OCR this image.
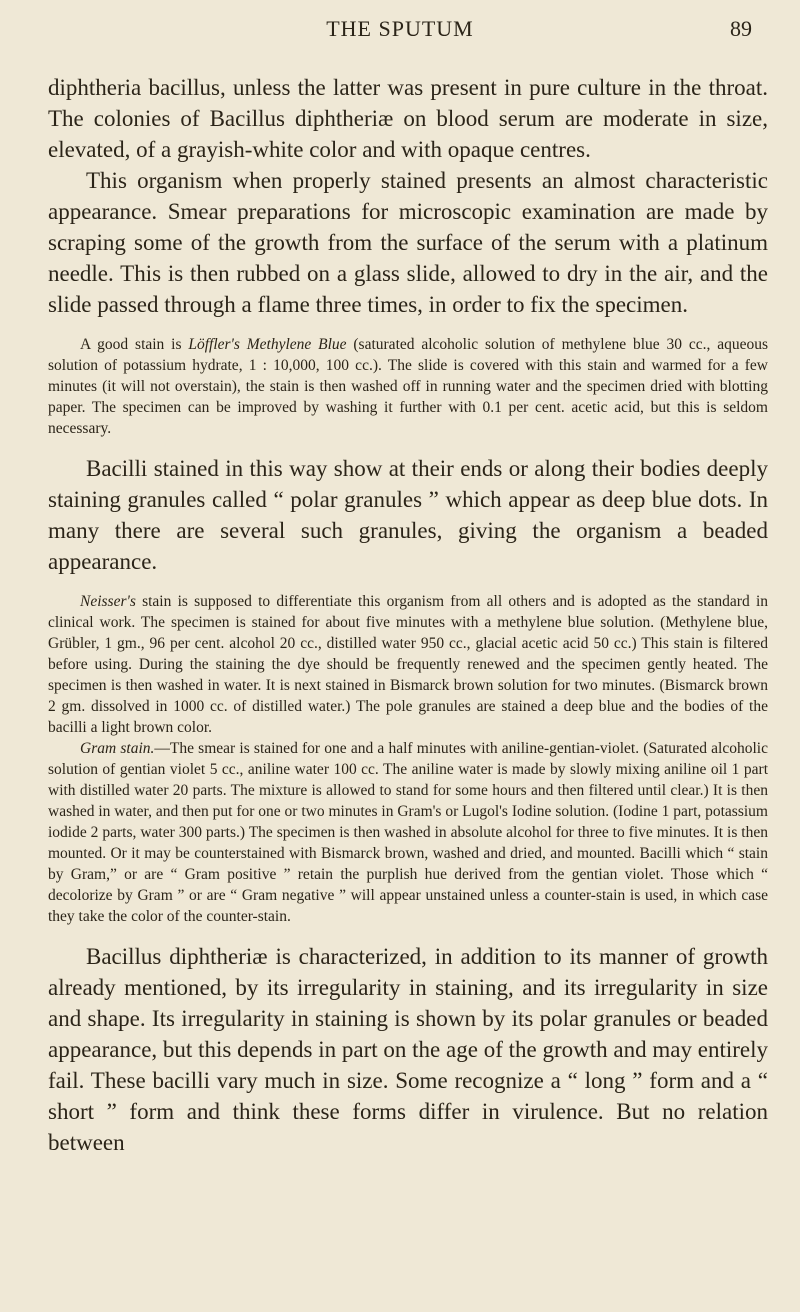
THE SPUTUM	89

diphtheria bacillus, unless the latter was present in pure culture in the throat. The colonies of Bacillus diphtheriæ on blood serum are moderate in size, elevated, of a grayish-white color and with opaque centres.

This organism when properly stained presents an almost characteristic appearance. Smear preparations for microscopic examination are made by scraping some of the growth from the surface of the serum with a platinum needle. This is then rubbed on a glass slide, allowed to dry in the air, and the slide passed through a flame three times, in order to fix the specimen.

A good stain is Löffler's Methylene Blue (saturated alcoholic solution of methylene blue 30 cc., aqueous solution of potassium hydrate, 1 : 10,000, 100 cc.). The slide is covered with this stain and warmed for a few minutes (it will not overstain), the stain is then washed off in running water and the specimen dried with blotting paper. The specimen can be improved by washing it further with 0.1 per cent. acetic acid, but this is seldom necessary.

Bacilli stained in this way show at their ends or along their bodies deeply staining granules called “ polar granules ” which appear as deep blue dots. In many there are several such granules, giving the organism a beaded appearance.

Neisser's stain is supposed to differentiate this organism from all others and is adopted as the standard in clinical work. The specimen is stained for about five minutes with a methylene blue solution. (Methylene blue, Grübler, 1 gm., 96 per cent. alcohol 20 cc., distilled water 950 cc., glacial acetic acid 50 cc.) This stain is filtered before using. During the staining the dye should be frequently renewed and the specimen gently heated. The specimen is then washed in water. It is next stained in Bismarck brown solution for two minutes. (Bismarck brown 2 gm. dissolved in 1000 cc. of distilled water.) The pole granules are stained a deep blue and the bodies of the bacilli a light brown color.

Gram stain.—The smear is stained for one and a half minutes with aniline-gentian-violet. (Saturated alcoholic solution of gentian violet 5 cc., aniline water 100 cc. The aniline water is made by slowly mixing aniline oil 1 part with distilled water 20 parts. The mixture is allowed to stand for some hours and then filtered until clear.) It is then washed in water, and then put for one or two minutes in Gram's or Lugol's Iodine solution. (Iodine 1 part, potassium iodide 2 parts, water 300 parts.) The specimen is then washed in absolute alcohol for three to five minutes. It is then mounted. Or it may be counterstained with Bismarck brown, washed and dried, and mounted. Bacilli which “ stain by Gram,” or are “ Gram positive ” retain the purplish hue derived from the gentian violet. Those which “ decolorize by Gram ” or are “ Gram negative ” will appear unstained unless a counter-stain is used, in which case they take the color of the counter-stain.

Bacillus diphtheriæ is characterized, in addition to its manner of growth already mentioned, by its irregularity in staining, and its irregularity in size and shape. Its irregularity in staining is shown by its polar granules or beaded appearance, but this depends in part on the age of the growth and may entirely fail. These bacilli vary much in size. Some recognize a “ long ” form and a “ short ” form and think these forms differ in virulence. But no relation between
